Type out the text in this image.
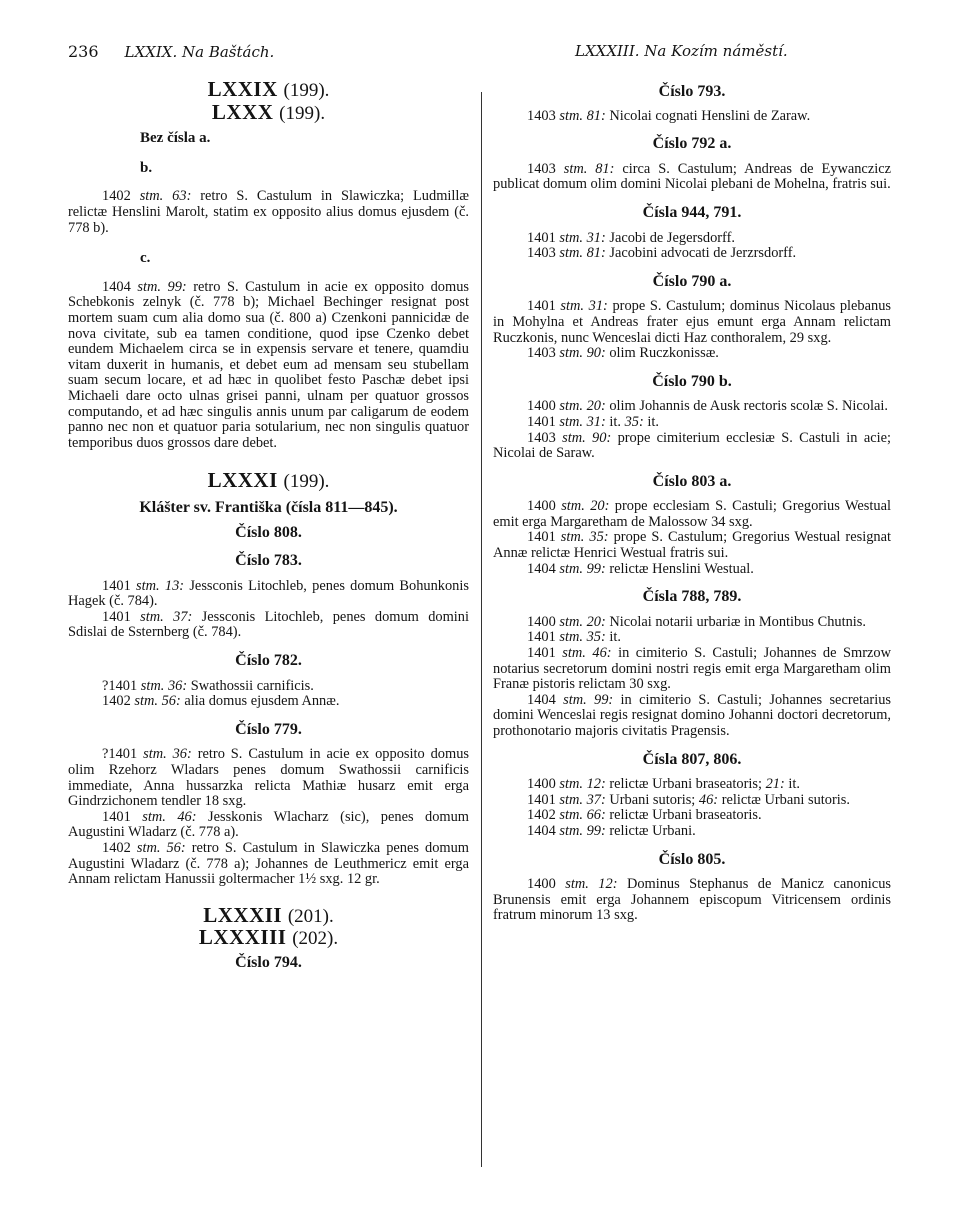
236 LXXIX. Na Baštách.	LXXXIII. Na Kozím náměstí.
LXXIX (199).
LXXX (199).
Bez čísla a.
b.

1402 stm. 63: retro S. Castulum in Slawiczka; Ludmillæ relictæ Henslini Marolt, statim ex opposito alius domus ejusdem (č. 778 b).

c.

1404 stm. 99: retro S. Castulum in acie ex opposito domus Schebkonis zelnyk (č. 778 b); Michael Bechinger resignat post mortem suam cum alia domo sua (č. 800 a) Czenkoni pannicidæ de nova civitate, sub ea tamen conditione, quod ipse Czenko debet eundem Michaelem circa se in expensis servare et tenere, quamdiu vitam duxerit in humanis, et debet eum ad mensam seu stubellam suam secum locare, et ad hæc in quolibet festo Paschæ debet ipsi Michaeli dare octo ulnas grisei panni, ulnam per quatuor grossos computando, et ad hæc singulis annis unum par caligarum de eodem panno nec non et quatuor paria sotularium, nec non singulis quatuor temporibus duos grossos dare debet.

LXXXI (199).
Klášter sv. Františka (čísla 811—845).
Číslo 808.
Číslo 783.

1401 stm. 13: Jessconis Litochleb, penes domum Bohunkonis Hagek (č. 784).

1401 stm. 37: Jessconis Litochleb, penes domum domini Sdislai de Ssternberg (č. 784).

Číslo 782.

?1401 stm. 36: Swathossii carnificis.

1402 stm. 56: alia domus ejusdem Annæ.

Číslo 779.

?1401 stm. 36: retro S. Castulum in acie ex opposito domus olim Rzehorz Wladars penes domum Swathossii carnificis immediate, Anna hussarzka relicta Mathiæ husarz emit erga Gindrzichonem tendler 18 sxg.

1401 stm. 46: Jesskonis Wlacharz (sic), penes domum Augustini Wladarz (č. 778 a).

1402 stm. 56: retro S. Castulum in Slawiczka penes domum Augustini Wladarz (č. 778 a); Johannes de Leuthmericz emit erga Annam relictam Hanussii goltermacher 1½ sxg. 12 gr.

LXXXII (201).
LXXXIII (202).
Číslo 794.
Číslo 793.

1403 stm. 81: Nicolai cognati Henslini de Zaraw.

Číslo 792 a.

1403 stm. 81: circa S. Castulum; Andreas de Eywanczicz publicat domum olim domini Nicolai plebani de Mohelna, fratris sui.

Čísla 944, 791.

1401 stm. 31: Jacobi de Jegersdorff.

1403 stm. 81: Jacobini advocati de Jerzrsdorff.

Číslo 790 a.

1401 stm. 31: prope S. Castulum; dominus Nicolaus plebanus in Mohylna et Andreas frater ejus emunt erga Annam relictam Ruczkonis, nunc Wenceslai dicti Haz conthoralem, 29 sxg.

1403 stm. 90: olim Ruczkonissæ.

Číslo 790 b.

1400 stm. 20: olim Johannis de Ausk rectoris scolæ S. Nicolai.

1401 stm. 31: it. 35: it.

1403 stm. 90: prope cimiterium ecclesiæ S. Castuli in acie; Nicolai de Saraw.

Číslo 803 a.

1400 stm. 20: prope ecclesiam S. Castuli; Gregorius Westual emit erga Margaretham de Malossow 34 sxg.

1401 stm. 35: prope S. Castulum; Gregorius Westual resignat Annæ relictæ Henrici Westual fratris sui.

1404 stm. 99: relictæ Henslini Westual.

Čísla 788, 789.

1400 stm. 20: Nicolai notarii urbariæ in Montibus Chutnis.

1401 stm. 35: it.

1401 stm. 46: in cimiterio S. Castuli; Johannes de Smrzow notarius secretorum domini nostri regis emit erga Margaretham olim Franæ pistoris relictam 30 sxg.

1404 stm. 99: in cimiterio S. Castuli; Johannes secretarius domini Wenceslai regis resignat domino Johanni doctori decretorum, prothonotario majoris civitatis Pragensis.

Čísla 807, 806.

1400 stm. 12: relictæ Urbani braseatoris; 21: it.

1401 stm. 37: Urbani sutoris; 46: relictæ Urbani sutoris.

1402 stm. 66: relictæ Urbani braseatoris.

1404 stm. 99: relictæ Urbani.

Číslo 805.

1400 stm. 12: Dominus Stephanus de Manicz canonicus Brunensis emit erga Johannem episcopum Vitricensem ordinis fratrum minorum 13 sxg.
